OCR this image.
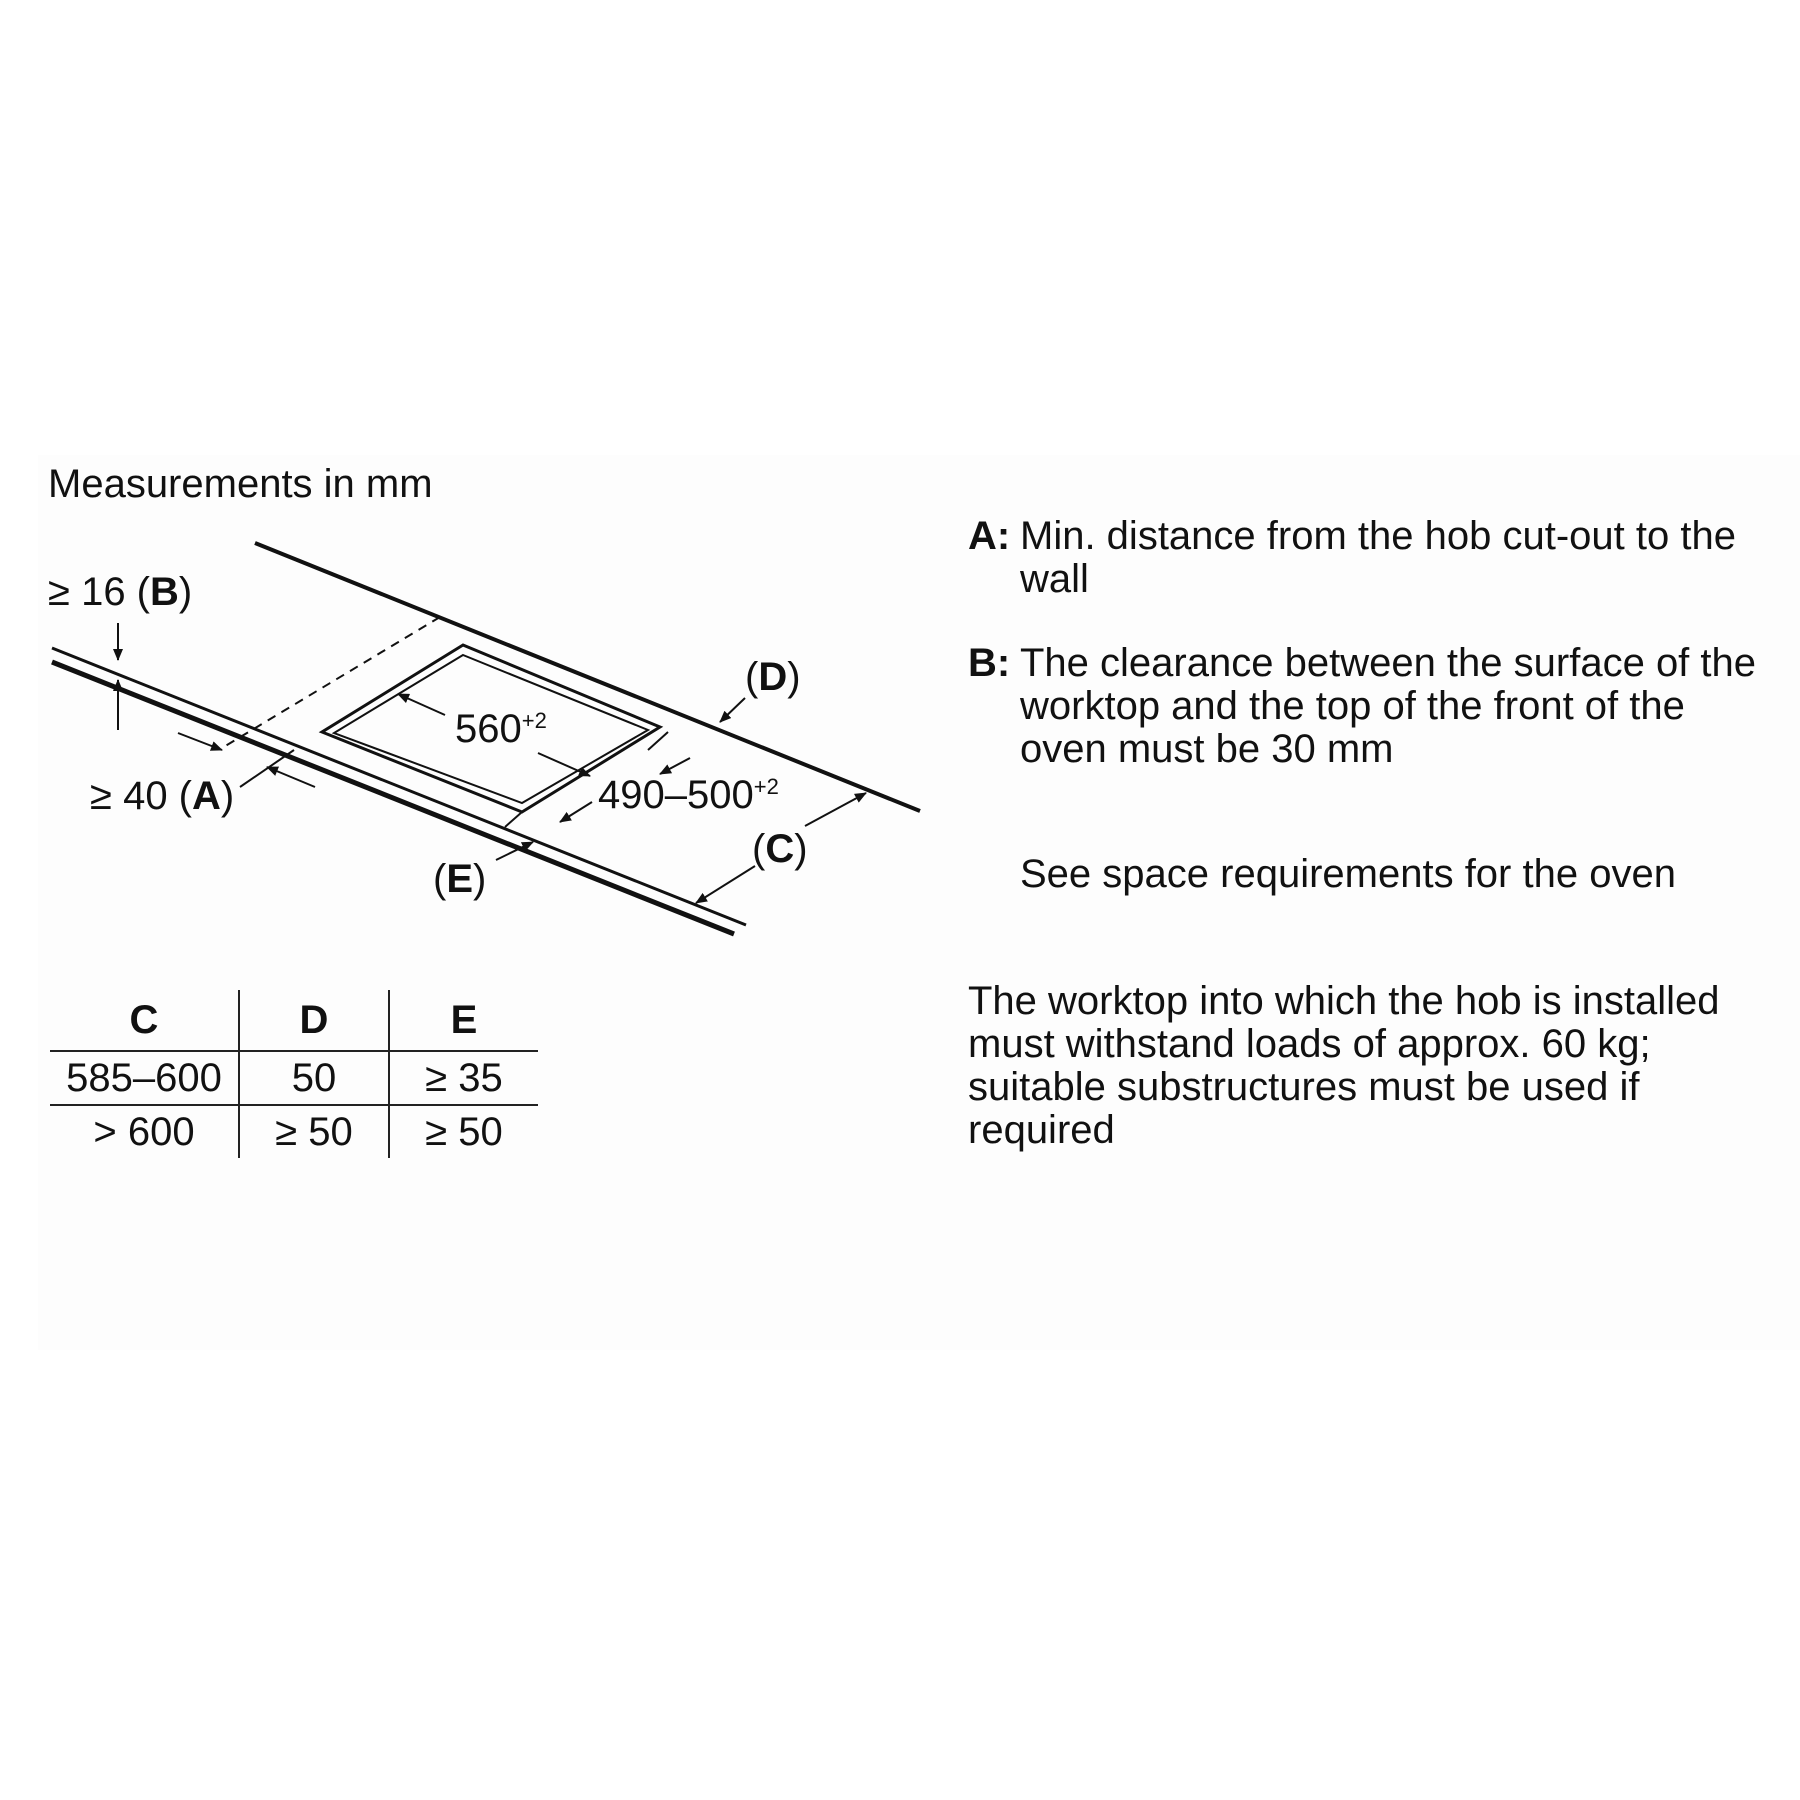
Measurements in mm
≥ 16 (B)
≥ 40 (A)
$560^{+2}$
$490-500^{+2}$
(D)
(C)
(E)
C	D	E
585–600	50	≥ 35
> 600	≥ 50	≥ 50
A: Min. distance from the hob cut-out to the wall
B: The clearance between the surface of the worktop and the top of the front of the oven must be 30 mm
See space requirements for the oven
The worktop into which the hob is installed must withstand loads of approx. 60 kg; suitable substructures must be used if required
